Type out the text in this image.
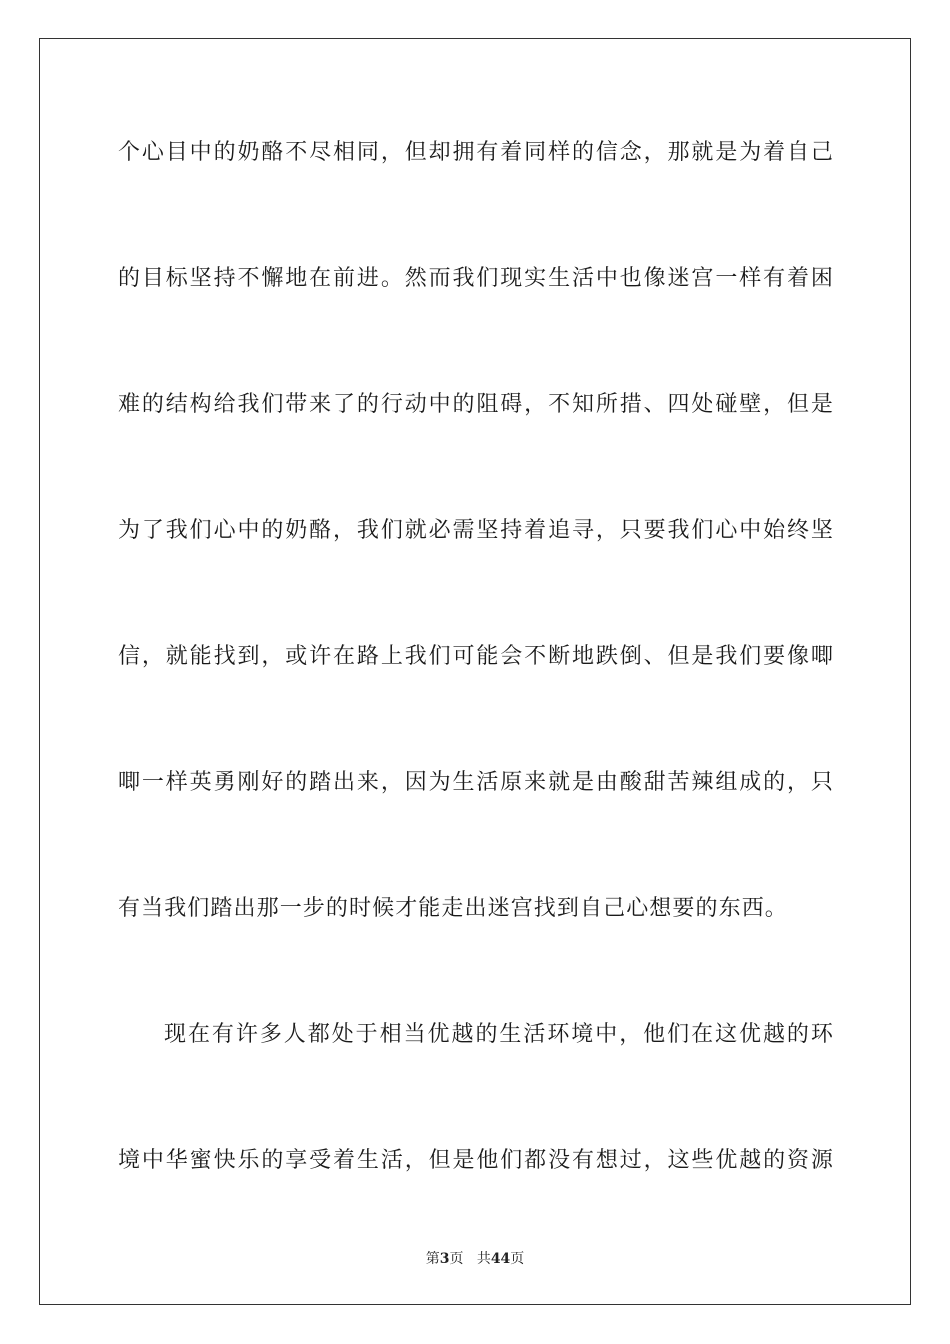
个心目中的奶酪不尽相同，但却拥有着同样的信念，那就是为着自己
的目标坚持不懈地在前进。然而我们现实生活中也像迷宫一样有着困
难的结构给我们带来了的行动中的阻碍，不知所措、四处碰壁，但是
为了我们心中的奶酪，我们就必需坚持着追寻，只要我们心中始终坚
信，就能找到，或许在路上我们可能会不断地跌倒、但是我们要像唧
唧一样英勇刚好的踏出来，因为生活原来就是由酸甜苦辣组成的，只
有当我们踏出那一步的时候才能走出迷宫找到自己心想要的东西。
现在有许多人都处于相当优越的生活环境中，他们在这优越的环
境中华蜜快乐的享受着生活，但是他们都没有想过，这些优越的资源
第3页 共44页
